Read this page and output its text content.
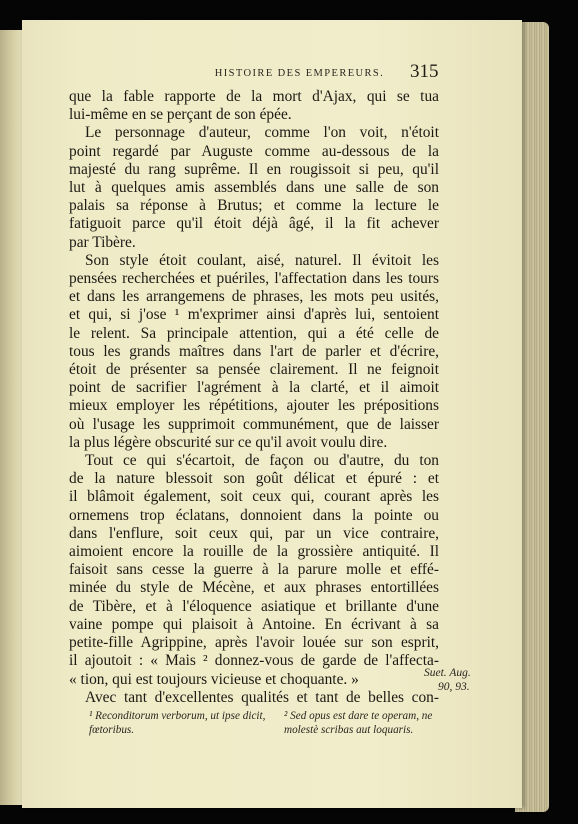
HISTOIRE DES EMPEREURS.	315
que la fable rapporte de la mort d'Ajax, qui se tua
lui-même en se perçant de son épée.
Le personnage d'auteur, comme l'on voit, n'étoit
point regardé par Auguste comme au-dessous de la
majesté du rang suprême. Il en rougissoit si peu, qu'il
lut à quelques amis assemblés dans une salle de son
palais sa réponse à Brutus; et comme la lecture le
fatiguoit parce qu'il étoit déjà âgé, il la fit achever
par Tibère.
Son style étoit coulant, aisé, naturel. Il évitoit les
pensées recherchées et puériles, l'affectation dans les tours
et dans les arrangemens de phrases, les mots peu usités,
et qui, si j'ose ¹ m'exprimer ainsi d'après lui, sentoient
le relent. Sa principale attention, qui a été celle de
tous les grands maîtres dans l'art de parler et d'écrire,
étoit de présenter sa pensée clairement. Il ne feignoit
point de sacrifier l'agrément à la clarté, et il aimoit
mieux employer les répétitions, ajouter les prépositions
où l'usage les supprimoit communément, que de laisser
la plus légère obscurité sur ce qu'il avoit voulu dire.
Tout ce qui s'écartoit, de façon ou d'autre, du ton
de la nature blessoit son goût délicat et épuré : et
il blâmoit également, soit ceux qui, courant après les
ornemens trop éclatans, donnoient dans la pointe ou
dans l'enflure, soit ceux qui, par un vice contraire,
aimoient encore la rouille de la grossière antiquité. Il
faisoit sans cesse la guerre à la parure molle et effé-
minée du style de Mécène, et aux phrases entortillées
de Tibère, et à l'éloquence asiatique et brillante d'une
vaine pompe qui plaisoit à Antoine. En écrivant à sa
petite-fille Agrippine, après l'avoir louée sur son esprit,
il ajoutoit : « Mais ² donnez-vous de garde de l'affecta-
« tion, qui est toujours vicieuse et choquante. »
Avec tant d'excellentes qualités et tant de belles con-
Suet. Aug.
90, 93.
¹ Reconditorum verborum, ut ipse dicit, fœtoribus.
² Sed opus est dare te operam, ne molestè scribas aut loquaris.
